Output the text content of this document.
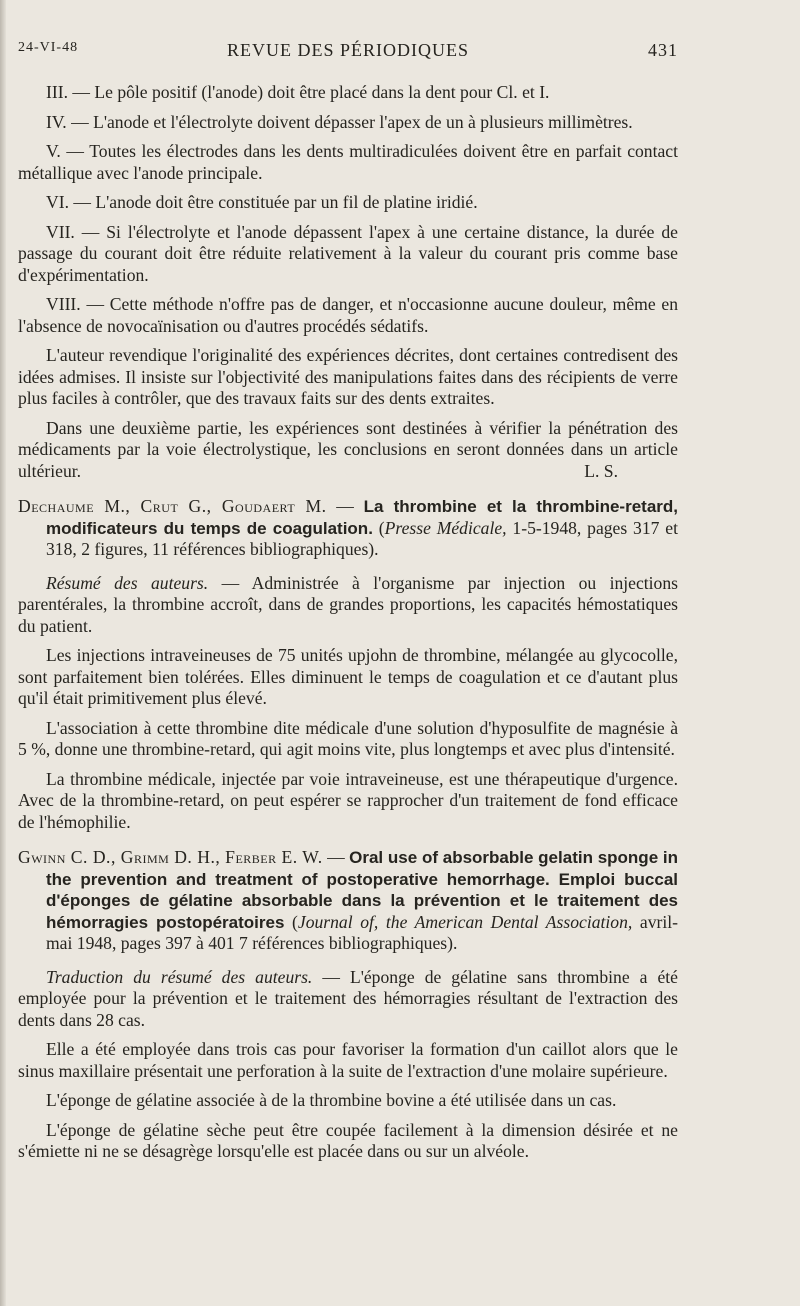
24-VI-48	REVUE DES PÉRIODIQUES	431

III. — Le pôle positif (l'anode) doit être placé dans la dent pour Cl. et I.

IV. — L'anode et l'électrolyte doivent dépasser l'apex de un à plusieurs millimètres.

V. — Toutes les électrodes dans les dents multiradiculées doivent être en parfait contact métallique avec l'anode principale.

VI. — L'anode doit être constituée par un fil de platine iridié.

VII. — Si l'électrolyte et l'anode dépassent l'apex à une certaine distance, la durée de passage du courant doit être réduite relativement à la valeur du courant pris comme base d'expérimentation.

VIII. — Cette méthode n'offre pas de danger, et n'occasionne aucune douleur, même en l'absence de novocaïnisation ou d'autres procédés sédatifs.

L'auteur revendique l'originalité des expériences décrites, dont certaines contredisent des idées admises. Il insiste sur l'objectivité des manipulations faites dans des récipients de verre plus faciles à contrôler, que des travaux faits sur des dents extraites.

Dans une deuxième partie, les expériences sont destinées à vérifier la pénétration des médicaments par la voie électrolystique, les conclusions en seront données dans un article ultérieur.	L. S.

Dechaume M., Crut G., Goudaert M. — La thrombine et la thrombine-retard, modificateurs du temps de coagulation. (Presse Médicale, 1-5-1948, pages 317 et 318, 2 figures, 11 références bibliographiques).

Résumé des auteurs. — Administrée à l'organisme par injection ou injections parentérales, la thrombine accroît, dans de grandes proportions, les capacités hémostatiques du patient.

Les injections intraveineuses de 75 unités upjohn de thrombine, mélangée au glycocolle, sont parfaitement bien tolérées. Elles diminuent le temps de coagulation et ce d'autant plus qu'il était primitivement plus élevé.

L'association à cette thrombine dite médicale d'une solution d'hyposulfite de magnésie à 5 %, donne une thrombine-retard, qui agit moins vite, plus longtemps et avec plus d'intensité.

La thrombine médicale, injectée par voie intraveineuse, est une thérapeutique d'urgence. Avec de la thrombine-retard, on peut espérer se rapprocher d'un traitement de fond efficace de l'hémophilie.

Gwinn C. D., Grimm D. H., Ferber E. W. — Oral use of absorbable gelatin sponge in the prevention and treatment of postoperative hemorrhage. Emploi buccal d'éponges de gélatine absorbable dans la prévention et le traitement des hémorragies postopératoires (Journal of, the American Dental Association, avril-mai 1948, pages 397 à 401 7 références bibliographiques).

Traduction du résumé des auteurs. — L'éponge de gélatine sans thrombine a été employée pour la prévention et le traitement des hémorragies résultant de l'extraction des dents dans 28 cas.

Elle a été employée dans trois cas pour favoriser la formation d'un caillot alors que le sinus maxillaire présentait une perforation à la suite de l'extraction d'une molaire supérieure.

L'éponge de gélatine associée à de la thrombine bovine a été utilisée dans un cas.

L'éponge de gélatine sèche peut être coupée facilement à la dimension désirée et ne s'émiette ni ne se désagrège lorsqu'elle est placée dans ou sur un alvéole.
